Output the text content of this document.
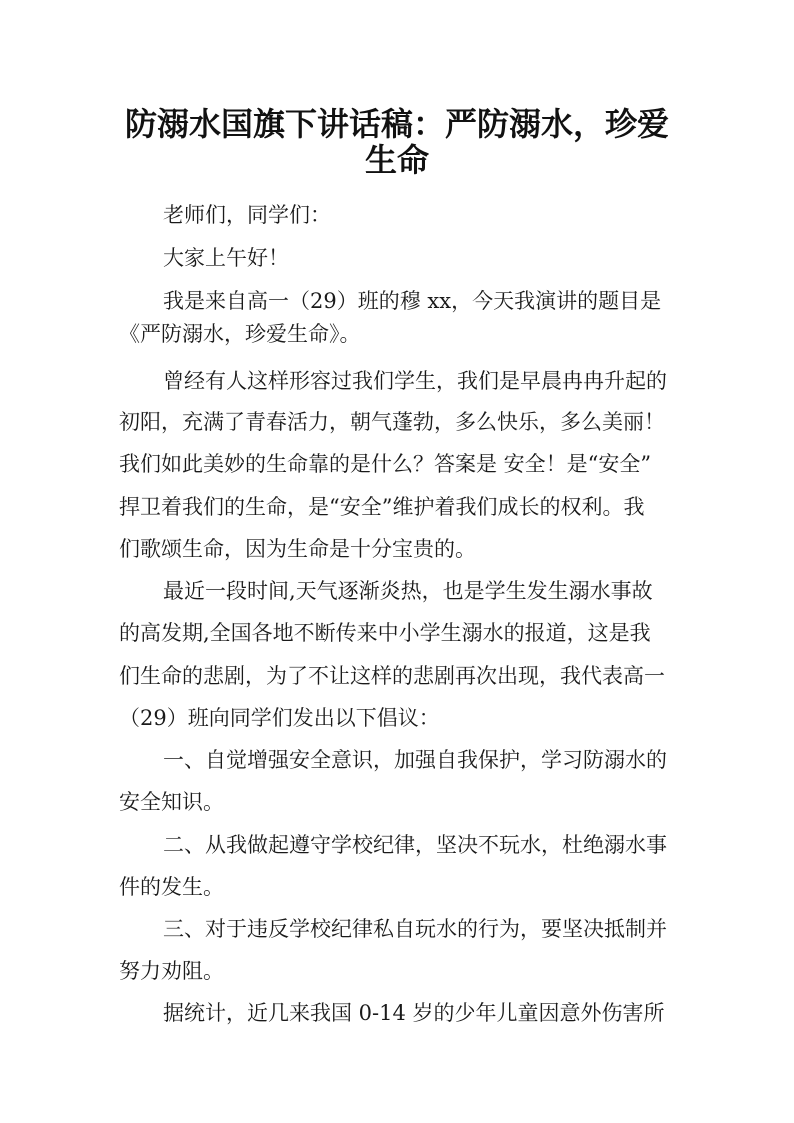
防溺水国旗下讲话稿：严防溺水，珍爱
生命

老师们，同学们：

大家上午好！

我是来自高一（29）班的穆 xx，今天我演讲的题目是

《严防溺水，珍爱生命》。

曾经有人这样形容过我们学生，我们是早晨冉冉升起的

初阳，充满了青春活力，朝气蓬勃，多么快乐，多么美丽！

我们如此美妙的生命靠的是什么？答案是 安全！是“安全”

捍卫着我们的生命，是“安全”维护着我们成长的权利。我

们歌颂生命，因为生命是十分宝贵的。

最近一段时间,天气逐渐炎热，也是学生发生溺水事故

的高发期,全国各地不断传来中小学生溺水的报道，这是我

们生命的悲剧，为了不让这样的悲剧再次出现，我代表高一

（29）班向同学们发出以下倡议：

一、自觉增强安全意识，加强自我保护，学习防溺水的

安全知识。

二、从我做起遵守学校纪律，坚决不玩水，杜绝溺水事

件的发生。

三、对于违反学校纪律私自玩水的行为，要坚决抵制并

努力劝阻。

据统计，近几来我国 0-14 岁的少年儿童因意外伤害所
